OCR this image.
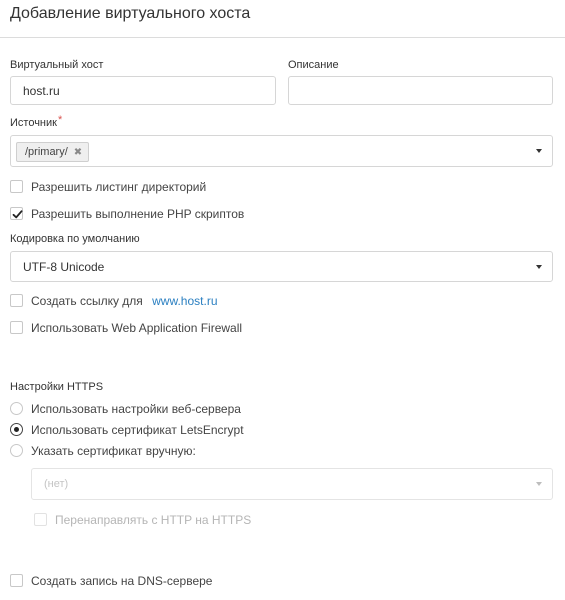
Добавление виртуального хоста
Виртуальный хост
host.ru	Описание
Источник*
/primary/ ✖
Разрешить листинг директорий
Разрешить выполнение PHP скриптов
Кодировка по умолчанию
UTF-8 Unicode
Создать ссылку для www.host.ru
Использовать Web Application Firewall
Настройки HTTPS
Использовать настройки веб-сервера
Использовать сертификат LetsEncrypt
Указать сертификат вручную:
(нет)
Перенаправлять с HTTP на HTTPS
Создать запись на DNS-сервере
